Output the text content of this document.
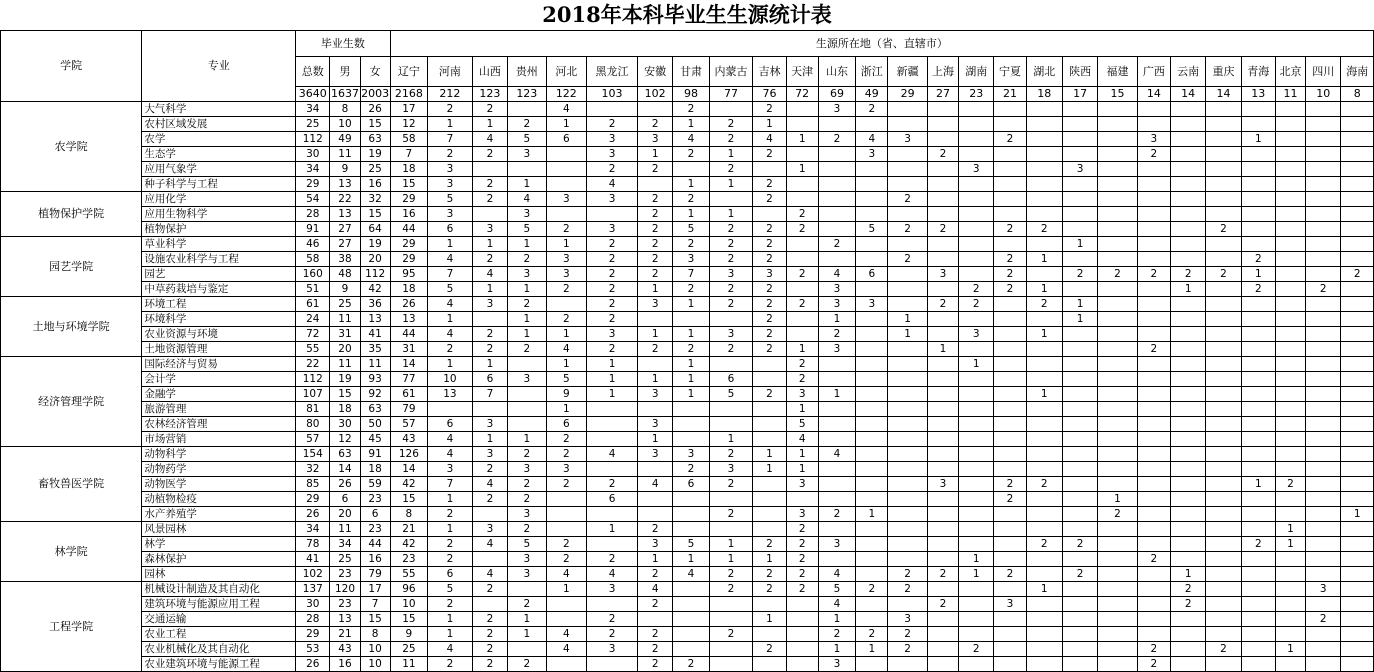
2018年本科毕业生生源统计表
学院	专业	毕业生数			生源所在地（省、直辖市）																										
		总数	男	女	辽宁	河南	山西	贵州	河北	黑龙江	安徽	甘肃	内蒙古	吉林	天津	山东	浙江	新疆	上海	湖南	宁夏	湖北	陕西	福建	广西	云南	重庆	青海	北京	四川	海南
		3640	1637	2003	2168	212	123	123	122	103	102	98	77	76	72	69	49	29	27	23	21	18	17	15	14	14	14	13	11	10	8
农学院	大气科学	34	8	26	17	2	2		4			2		2		3	2														
	农村区域发展	25	10	15	12	1	1	2	1	2	2	1	2	1																	
	农学	112	49	63	58	7	4	5	6	3	3	4	2	4	1	2	4	3			2				3			1			
	生态学	30	11	19	7	2	2	3		3	1	2	1	2			3		2						2						
	应用气象学	34	9	25	18	3				2	2		2		1					3			3								
	种子科学与工程	29	13	16	15	3	2	1		4		1	1	2																	
植物保护学院	应用化学	54	22	32	29	5	2	4	3	3	2	2		2				2													
	应用生物科学	28	13	15	16	3		3			2	1	1		2																
	植物保护	91	27	64	44	6	3	5	2	3	2	5	2	2	2		5	2	2		2	2					2				
园艺学院	草业科学	46	27	19	29	1	1	1	1	2	2	2	2	2		2							1								
	设施农业科学与工程	58	38	20	29	4	2	2	3	2	2	3	2	2				2			2	1						2			
	园艺	160	48	112	95	7	4	3	3	2	2	7	3	3	2	4	6		3		2		2	2	2	2	2	1			2
	中草药栽培与鉴定	51	9	42	18	5	1	1	2	2	1	2	2	2		3				2	2	1				1		2		2	
土地与环境学院	环境工程	61	25	36	26	4	3	2		2	3	1	2	2	2	3	3		2	2		2	1								
	环境科学	24	11	13	13	1		1	2	2				2		1		1					1								
	农业资源与环境	72	31	41	44	4	2	1	1	3	1	1	3	2		2		1		3		1									
	土地资源管理	55	20	35	31	2	2	2	4	2	2	2	2	2	1	3			1						2						
经济管理学院	国际经济与贸易	22	11	11	14	1	1		1	1		1			2					1											
	会计学	112	19	93	77	10	6	3	5	1	1	1	6		2																
	金融学	107	15	92	61	13	7		9	1	3	1	5	2	3	1						1									
	旅游管理	81	18	63	79				1						1																
	农林经济管理	80	30	50	57	6	3		6		3				5																
	市场营销	57	12	45	43	4	1	1	2		1		1		4																
畜牧兽医学院	动物科学	154	63	91	126	4	3	2	2	4	3	3	2	1	1	4															
	动物药学	32	14	18	14	3	2	3	3			2	3	1	1																
	动物医学	85	26	59	42	7	4	2	2	2	4	6	2		3				3		2	2						1	2		
	动植物检疫	29	6	23	15	1	2	2		6											2			1							
	水产养殖学	26	20	6	8	2		3					2		3	2	1							2							1
林学院	风景园林	34	11	23	21	1	3	2		1	2				2														1		
	林学	78	34	44	42	2	4	5	2		3	5	1	2	2	3						2	2					2	1		
	森林保护	41	25	16	23	2		3	2	2	1	1	1	1	2					1					2						
	园林	102	23	79	55	6	4	3	4	4	2	4	2	2	2	4		2	2	1	2		2			1					
工程学院	机械设计制造及其自动化	137	120	17	96	5	2		1	3	4		2	2	2	5	2	2				1				2				3	
	建筑环境与能源应用工程	30	23	7	10	2		2			2					4			2		3					2					
	交通运输	28	13	15	15	1	2	1		2				1		1		3												2	
	农业工程	29	21	8	9	1	2	1	4	2	2		2			2	2	2													
	农业机械化及其自动化	53	43	10	25	4	2		4	3	2			2		1	1	2		2					2		2		1		
	农业建筑环境与能源工程	26	16	10	11	2	2	2			2	2				3									2						
